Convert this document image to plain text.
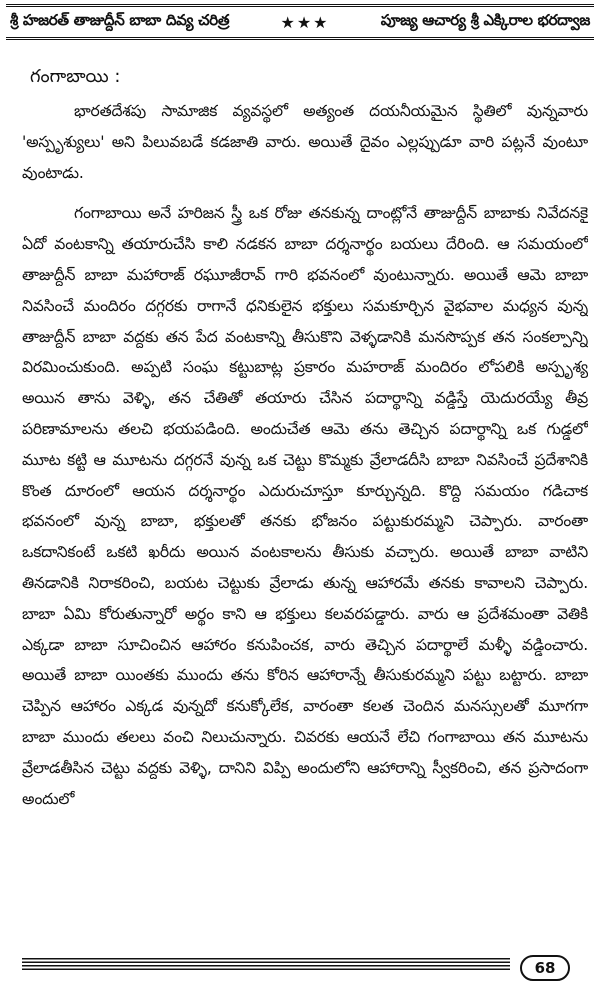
శ్రీ హజరత్ తాజుద్దీన్ బాబా దివ్య చరిత్ర	★★★	పూజ్య ఆచార్య శ్రీ ఎక్కిరాల భరద్వాజ
గంగాబాయి :

భారతదేశపు సామాజిక వ్యవస్థలో అత్యంత దయనీయమైన స్థితిలో వున్నవారు 'అస్పృశ్యులు' అని పిలువబడే కడజాతి వారు. అయితే దైవం ఎల్లప్పుడూ వారి పట్లనే వుంటూ వుంటాడు.

గంగాబాయి అనే హరిజన స్త్రీ ఒక రోజు తనకున్న దాంట్లోనే తాజుద్దీన్ బాబాకు నివేదనకై ఏదో వంటకాన్ని తయారుచేసి కాలి నడకన బాబా దర్శనార్థం బయలు దేరింది. ఆ సమయంలో తాజుద్దీన్ బాబా మహారాజ్ రఘూజీరావ్ గారి భవనంలో వుంటున్నారు. అయితే ఆమె బాబా నివసించే మందిరం దగ్గరకు రాగానే ధనికులైన భక్తులు సమకూర్చిన వైభవాల మధ్యన వున్న తాజుద్దీన్ బాబా వద్దకు తన పేద వంటకాన్ని తీసుకొని వెళ్ళడానికి మనసొప్పక తన సంకల్పాన్ని విరమించుకుంది. అప్పటి సంఘ కట్టుబాట్ల ప్రకారం మహరాజ్ మందిరం లోపలికి అస్పృశ్య అయిన తాను వెళ్ళి, తన చేతితో తయారు చేసిన పదార్థాన్ని వడ్డిస్తే యెదురయ్యే తీవ్ర పరిణామాలను తలచి భయపడింది. అందుచేత ఆమె తను తెచ్చిన పదార్థాన్ని ఒక గుడ్డలో మూట కట్టి ఆ మూటను దగ్గరనే వున్న ఒక చెట్టు కొమ్మకు వ్రేలాడదీసి బాబా నివసించే ప్రదేశానికి కొంత దూరంలో ఆయన దర్శనార్థం ఎదురుచూస్తూ కూర్చున్నది. కొద్ది సమయం గడిచాక భవనంలో వున్న బాబా, భక్తులతో తనకు భోజనం పట్టుకురమ్మని చెప్పారు. వారంతా ఒకదానికంటే ఒకటి ఖరీదు అయిన వంటకాలను తీసుకు వచ్చారు. అయితే బాబా వాటిని తినడానికి నిరాకరించి, బయట చెట్టుకు వ్రేలాడు తున్న ఆహారమే తనకు కావాలని చెప్పారు. బాబా ఏమి కోరుతున్నారో అర్థం కాని ఆ భక్తులు కలవరపడ్డారు. వారు ఆ ప్రదేశమంతా వెతికి ఎక్కడా బాబా సూచించిన ఆహారం కనుపించక, వారు తెచ్చిన పదార్థాలే మళ్ళీ వడ్డించారు. అయితే బాబా యింతకు ముందు తను కోరిన ఆహారాన్నే తీసుకురమ్మని పట్టు బట్టారు. బాబా చెప్పిన ఆహారం ఎక్కడ వున్నదో కనుక్కోలేక, వారంతా కలత చెందిన మనస్సులతో మూగగా బాబా ముందు తలలు వంచి నిలుచున్నారు. చివరకు ఆయనే లేచి గంగాబాయి తన మూటను వ్రేలాడతీసిన చెట్టు వద్దకు వెళ్ళి, దానిని విప్పి అందులోని ఆహారాన్ని స్వీకరించి, తన ప్రసాదంగా అందులో

68
